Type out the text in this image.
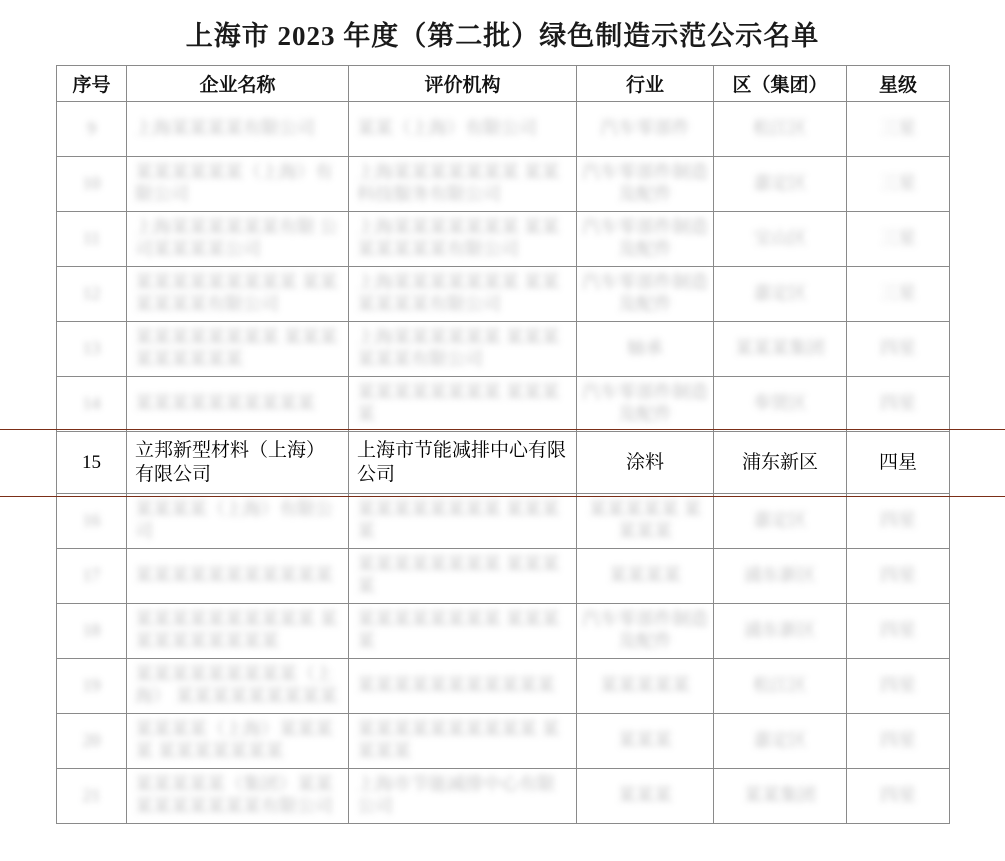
上海市 2023 年度（第二批）绿色制造示范公示名单
序号	企业名称	评价机构	行业	区（集团）	星级
9	上海某某某某有限公司	某某（上海）有限公司	汽车零部件	松江区	三星
10	某某某某某某（上海）有限公司	上海某某某某某某某 某某科技服务有限公司	汽车零部件制造 及配件	嘉定区	三星
11	上海某某某某某某有限 公司某某某某公司	上海某某某某某某某 某某某某某某某有限公司	汽车零部件制造 及配件	宝山区	三星
12	某某某某某某某某某 某某某某某某有限公司	上海某某某某某某某 某某某某某某有限公司	汽车零部件制造 及配件	嘉定区	三星
13	某某某某某某某某 某某某某某某某某某	上海某某某某某某 某某某某某某有限公司	轴承	某某某集团	四星
14	某某某某某某某某某某	某某某某某某某某 某某某某	汽车零部件制造 及配件	奉贤区	四星
15	立邦新型材料（上海）有限公司	上海市节能减排中心有限公司	涂料	浦东新区	四星
16	某某某某（上海）有限公司	某某某某某某某某 某某某某	某某某某某 某某某某	嘉定区	四星
17	某某某某某某某某某某某	某某某某某某某某 某某某某	某某某某	浦东新区	四星
18	某某某某某某某某某某 某某某某某某某某某	某某某某某某某某 某某某某	汽车零部件制造 及配件	浦东新区	四星
19	某某某某某某某某某（上海） 某某某某某某某某某	某某某某某某某某某某某	某某某某某	松江区	四星
20	某某某某（上海）某某某某 某某某某某某某	某某某某某某某某某某 某某某某	某某某	嘉定区	四星
21	某某某某某（集团）某某 某某某某某某某有限公司	上海市节能减排中心有限公司	某某某	某某集团	四星
